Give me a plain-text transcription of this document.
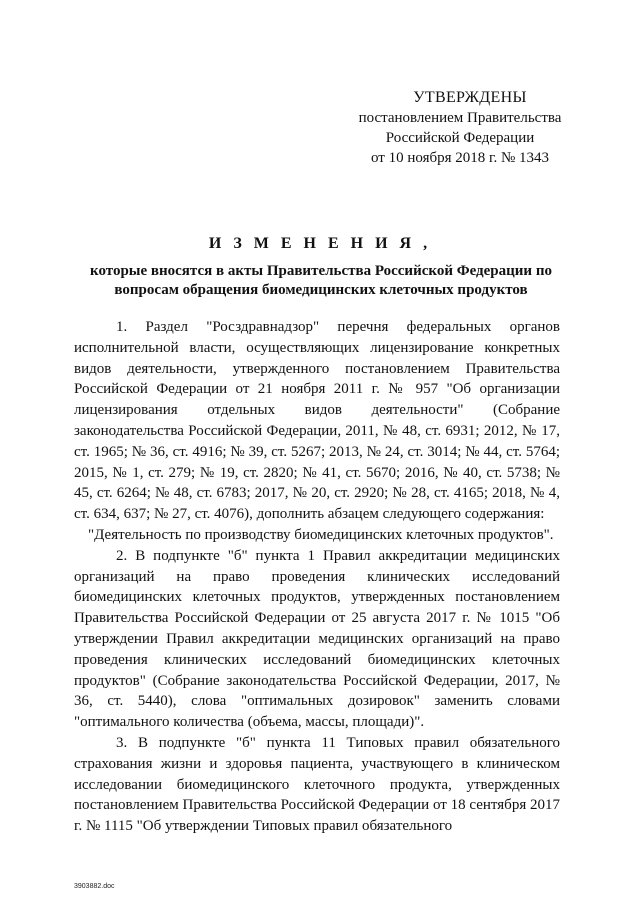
УТВЕРЖДЕНЫ
постановлением Правительства
Российской Федерации
от 10 ноября 2018 г. № 1343
И З М Е Н Е Н И Я ,
которые вносятся в акты Правительства Российской Федерации по вопросам обращения биомедицинских клеточных продуктов

1. Раздел "Росздравнадзор" перечня федеральных органов исполнительной власти, осуществляющих лицензирование конкретных видов деятельности, утвержденного постановлением Правительства Российской Федерации от 21 ноября 2011 г. № 957 "Об организации лицензирования отдельных видов деятельности" (Собрание законодательства Российской Федерации, 2011, № 48, ст. 6931; 2012, № 17, ст. 1965; № 36, ст. 4916; № 39, ст. 5267; 2013, № 24, ст. 3014; № 44, ст. 5764; 2015, № 1, ст. 279; № 19, ст. 2820; № 41, ст. 5670; 2016, № 40, ст. 5738; № 45, ст. 6264; № 48, ст. 6783; 2017, № 20, ст. 2920; № 28, ст. 4165; 2018, № 4, ст. 634, 637; № 27, ст. 4076), дополнить абзацем следующего содержания:

"Деятельность по производству биомедицинских клеточных продуктов".

2. В подпункте "б" пункта 1 Правил аккредитации медицинских организаций на право проведения клинических исследований биомедицинских клеточных продуктов, утвержденных постановлением Правительства Российской Федерации от 25 августа 2017 г. № 1015 "Об утверждении Правил аккредитации медицинских организаций на право проведения клинических исследований биомедицинских клеточных продуктов" (Собрание законодательства Российской Федерации, 2017, № 36, ст. 5440), слова "оптимальных дозировок" заменить словами "оптимального количества (объема, массы, площади)".

3. В подпункте "б" пункта 11 Типовых правил обязательного страхования жизни и здоровья пациента, участвующего в клиническом исследовании биомедицинского клеточного продукта, утвержденных постановлением Правительства Российской Федерации от 18 сентября 2017 г. № 1115 "Об утверждении Типовых правил обязательного

3903882.doc
